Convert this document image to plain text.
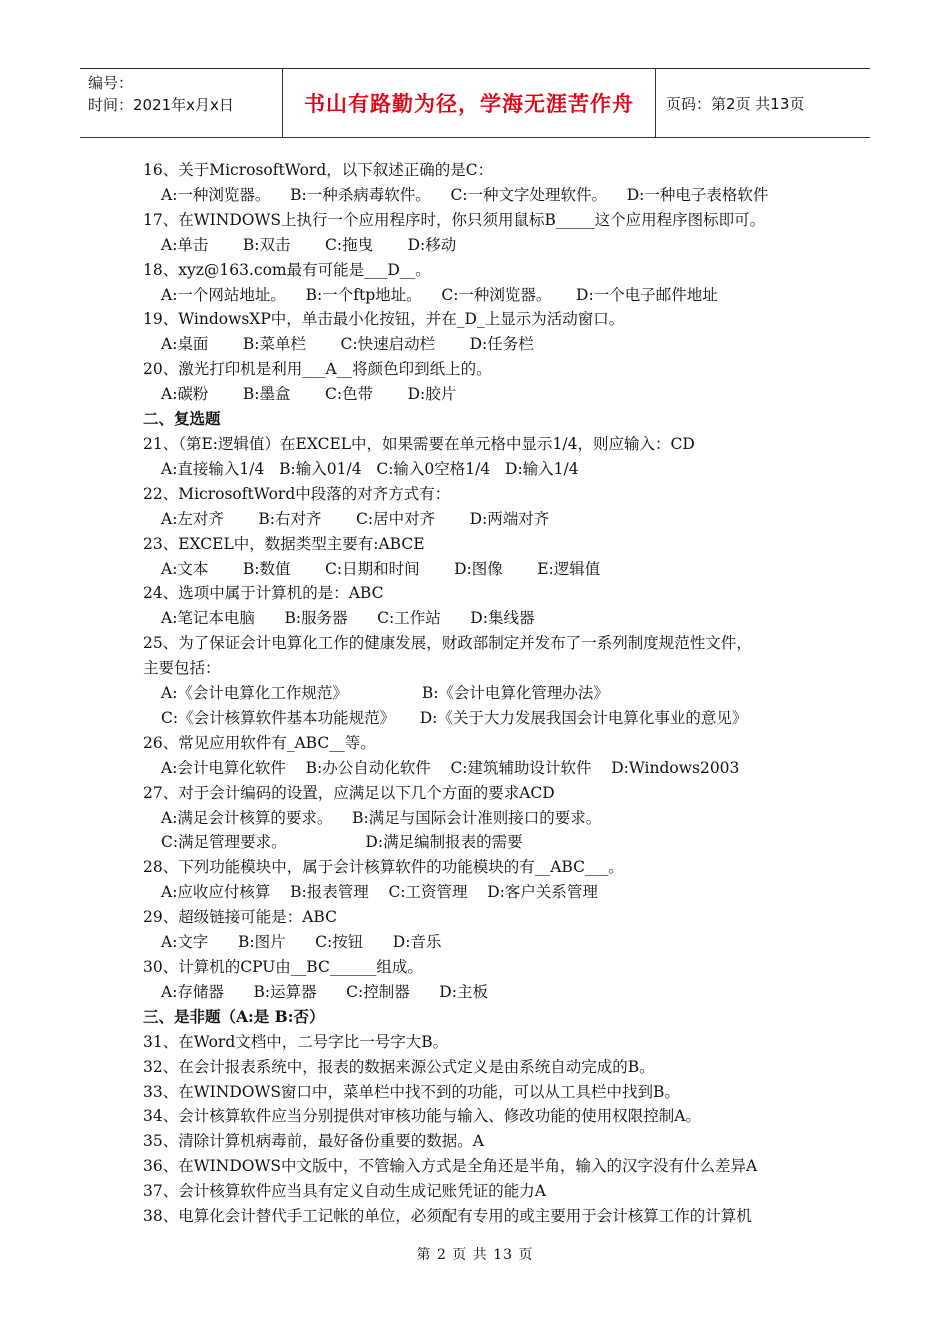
编号：
时间：2021年x月x日	书山有路勤为径，学海无涯苦作舟	页码：第2页 共13页
16、关于MicrosoftWord，以下叙述正确的是C：
A:一种浏览器。    B:一种杀病毒软件。    C:一种文字处理软件。    D:一种电子表格软件
17、在WINDOWS上执行一个应用程序时，你只须用鼠标B_____这个应用程序图标即可。
A:单击       B:双击       C:拖曳       D:移动
18、xyz@163.com最有可能是___D__。
A:一个网站地址。    B:一个ftp地址。    C:一种浏览器。     D:一个电子邮件地址
19、WindowsXP中，单击最小化按钮，并在_D_上显示为活动窗口。
A:桌面       B:菜单栏       C:快速启动栏       D:任务栏
20、激光打印机是利用___A__将颜色印到纸上的。
A:碳粉       B:墨盒       C:色带       D:胶片
二、复选题
21、（第E:逻辑值）在EXCEL中，如果需要在单元格中显示1/4，则应输入：CD
A:直接输入1/4   B:输入01/4   C:输入0空格1/4   D:输入1/4
22、MicrosoftWord中段落的对齐方式有：
A:左对齐       B:右对齐       C:居中对齐       D:两端对齐
23、EXCEL中，数据类型主要有:ABCE
A:文本       B:数值       C:日期和时间       D:图像       E:逻辑值
24、选项中属于计算机的是：ABC
A:笔记本电脑      B:服务器      C:工作站      D:集线器
25、为了保证会计电算化工作的健康发展，财政部制定并发布了一系列制度规范性文件，
主要包括：
A:《会计电算化工作规范》               B:《会计电算化管理办法》
C:《会计核算软件基本功能规范》     D:《关于大力发展我国会计电算化事业的意见》
26、常见应用软件有_ABC__等。
A:会计电算化软件    B:办公自动化软件    C:建筑辅助设计软件    D:Windows2003
27、对于会计编码的设置，应满足以下几个方面的要求ACD
A:满足会计核算的要求。    B:满足与国际会计准则接口的要求。
C:满足管理要求。                D:满足编制报表的需要
28、下列功能模块中，属于会计核算软件的功能模块的有__ABC___。
A:应收应付核算    B:报表管理    C:工资管理    D:客户关系管理
29、超级链接可能是：ABC
A:文字      B:图片      C:按钮      D:音乐
30、计算机的CPU由__BC______组成。
A:存储器      B:运算器      C:控制器      D:主板
三、是非题（A:是 B:否）
31、在Word文档中，二号字比一号字大B。
32、在会计报表系统中，报表的数据来源公式定义是由系统自动完成的B。
33、在WINDOWS窗口中，菜单栏中找不到的功能，可以从工具栏中找到B。
34、会计核算软件应当分别提供对审核功能与输入、修改功能的使用权限控制A。
35、清除计算机病毒前，最好备份重要的数据。A
36、在WINDOWS中文版中，不管输入方式是全角还是半角，输入的汉字没有什么差异A
37、会计核算软件应当具有定义自动生成记账凭证的能力A
38、电算化会计替代手工记帐的单位，必须配有专用的或主要用于会计核算工作的计算机
第 2 页 共 13 页
